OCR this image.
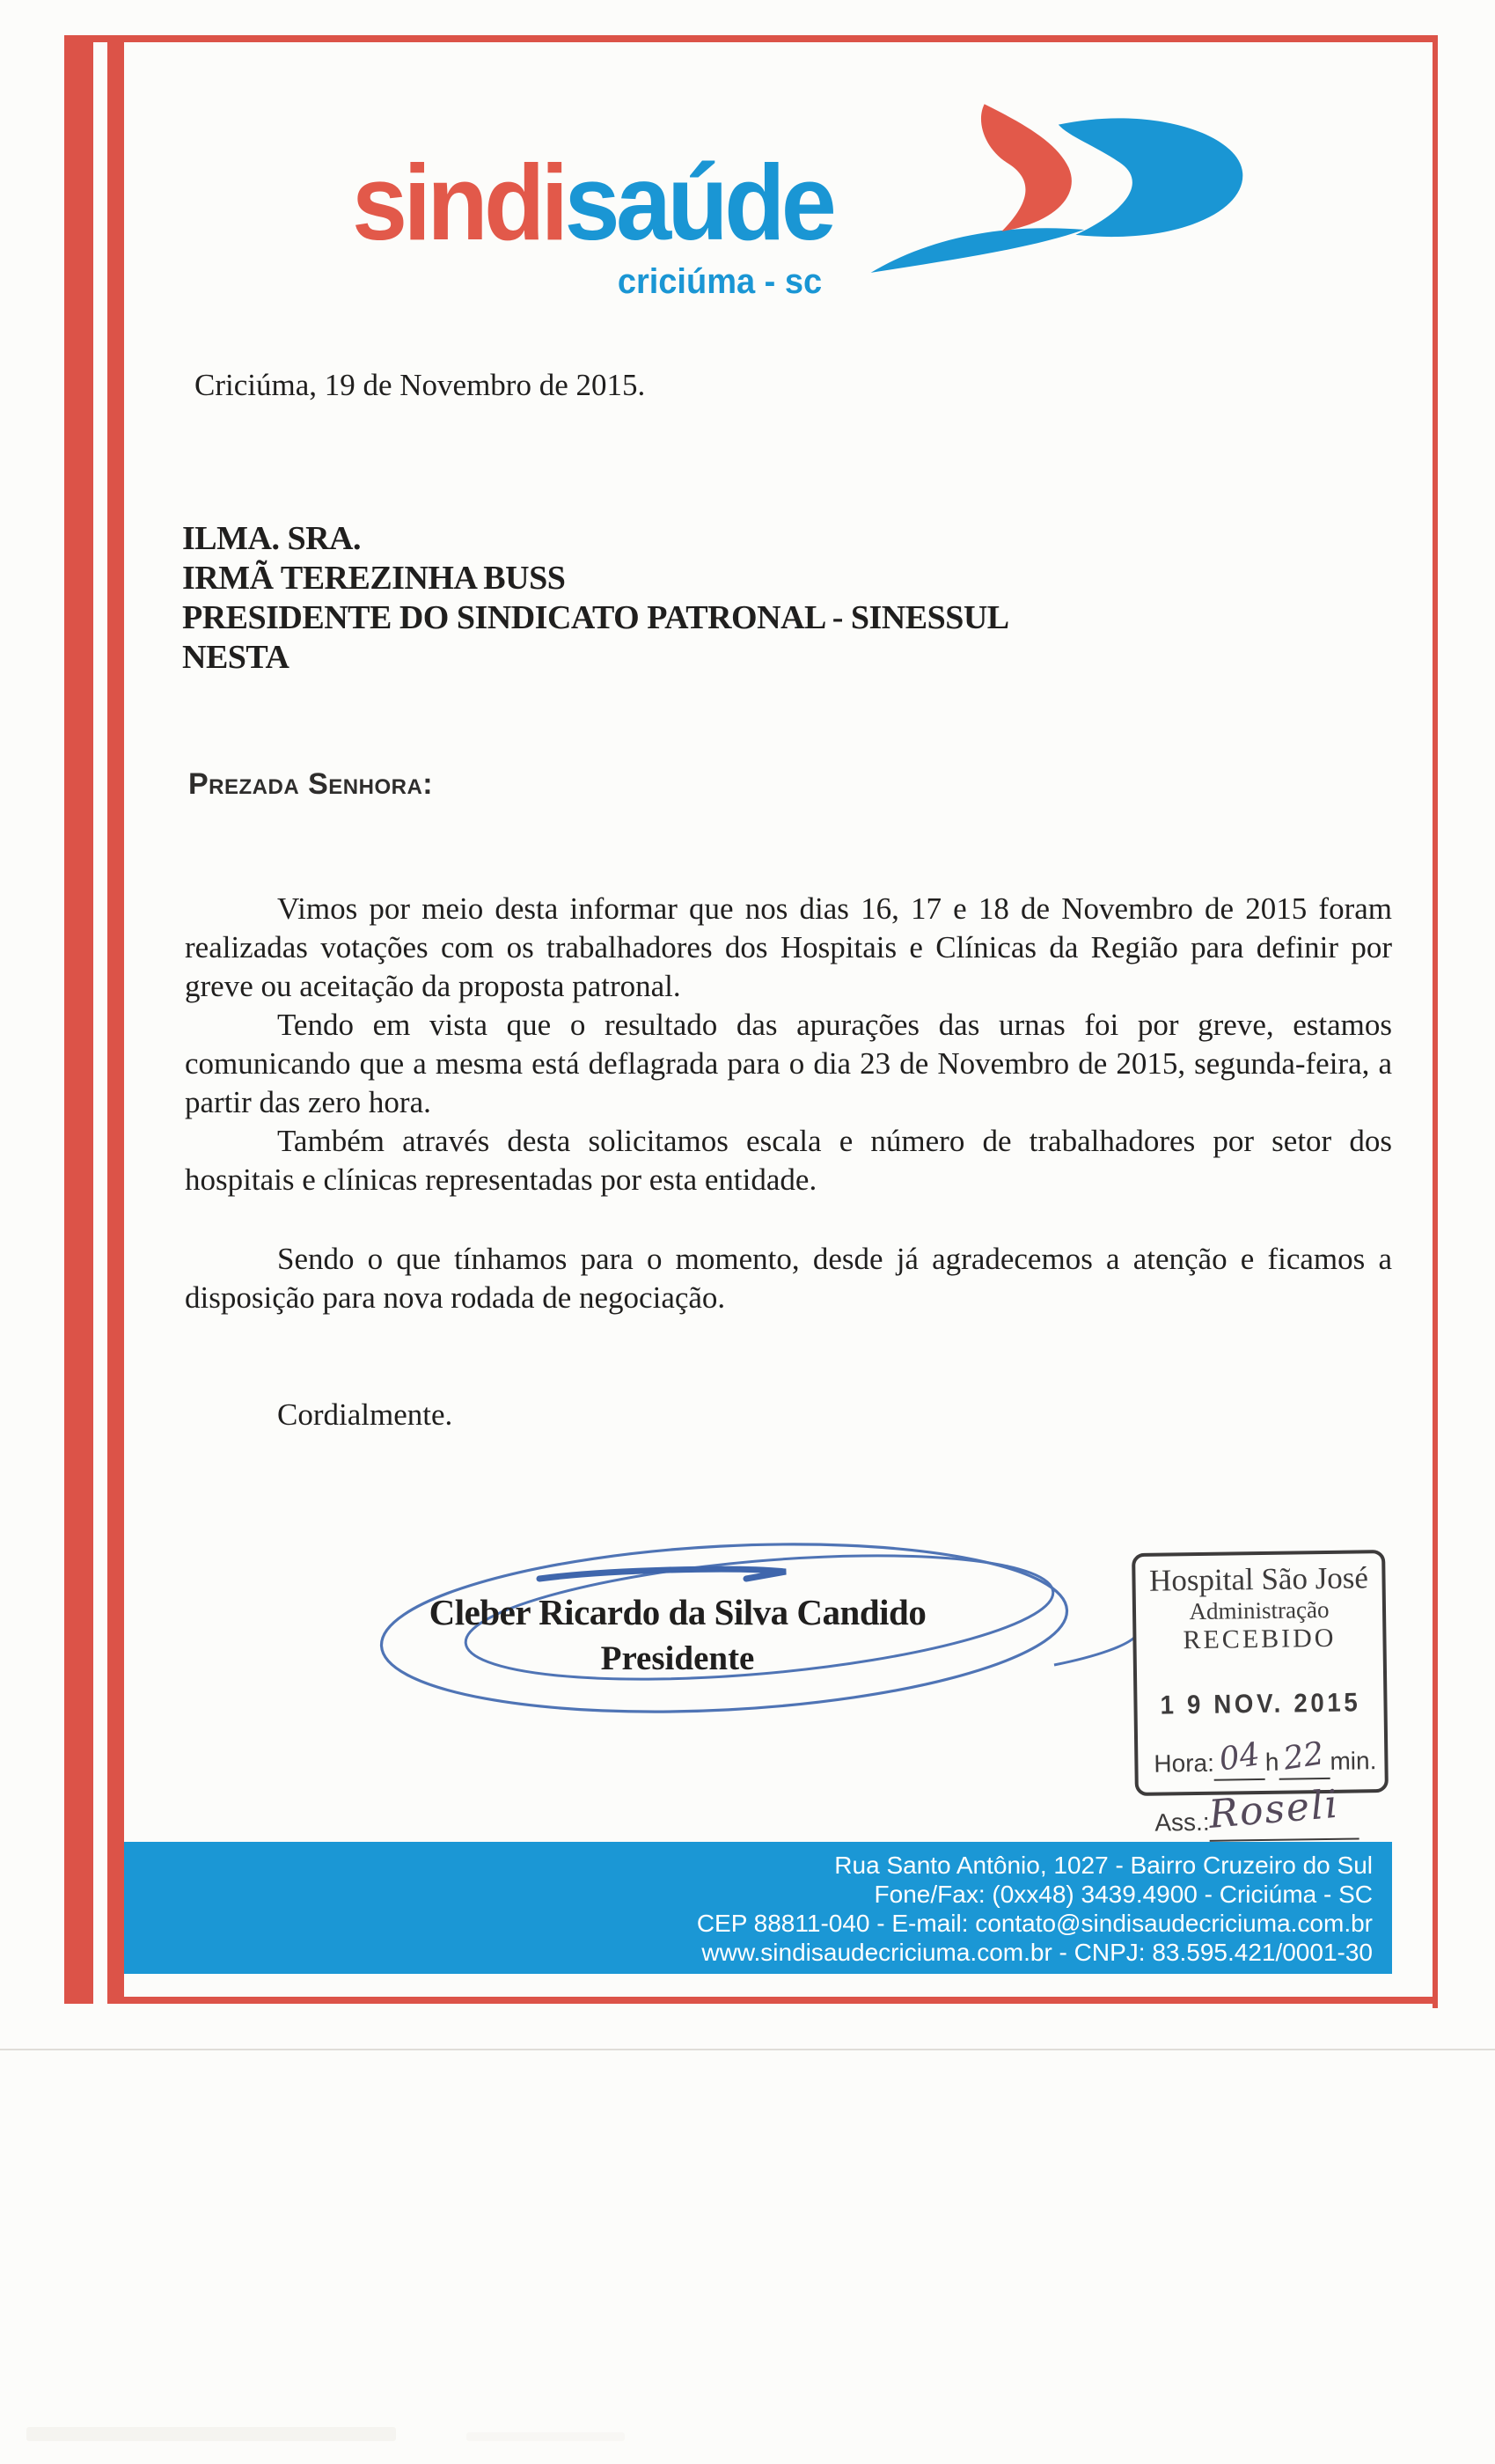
sindisaúde
criciúma - sc
Criciúma, 19 de Novembro de 2015.
ILMA. SRA.
IRMÃ TEREZINHA BUSS
PRESIDENTE DO SINDICATO PATRONAL - SINESSUL
NESTA
Prezada Senhora:

Vimos por meio desta informar que nos dias 16, 17 e 18 de Novembro de 2015 foram realizadas votações com os trabalhadores dos Hospitais e Clínicas da Região para definir por greve ou aceitação da proposta patronal.

Tendo em vista que o resultado das apurações das urnas foi por greve, estamos comunicando que a mesma está deflagrada para o dia 23 de Novembro de 2015, segunda-feira, a partir das zero hora.

Também através desta solicitamos escala e número de trabalhadores por setor dos hospitais e clínicas representadas por esta entidade.

Sendo o que tínhamos para o momento, desde já agradecemos a atenção e ficamos a disposição para nova rodada de negociação.

Cordialmente.
Cleber Ricardo da Silva Candido
Presidente
Hospital São José
Administração
RECEBIDO
1 9 NOV. 2015
Hora:04 h22 min.
Ass.:Roseli
Rua Santo Antônio, 1027 - Bairro Cruzeiro do Sul
Fone/Fax: (0xx48) 3439.4900 - Criciúma - SC
CEP 88811-040 - E-mail: contato@sindisaudecriciuma.com.br
www.sindisaudecriciuma.com.br - CNPJ: 83.595.421/0001-30
